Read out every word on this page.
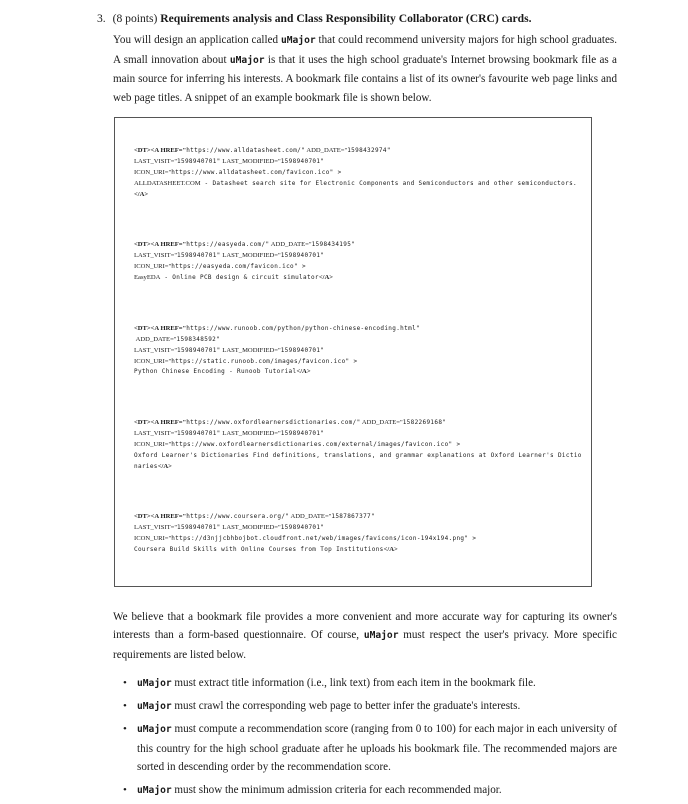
3. (8 points) Requirements analysis and Class Responsibility Collaborator (CRC) cards.

You will design an application called uMajor that could recommend university majors for high school graduates. A small innovation about uMajor is that it uses the high school graduate's Internet browsing bookmark file as a main source for inferring his interests. A bookmark file contains a list of its owner's favourite web page links and web page titles. A snippet of an example bookmark file is shown below.

<DT><A HREF="https://www.alldatasheet.com/" ADD_DATE="1598432974"
LAST_VISIT="1598940701" LAST_MODIFIED="1598940701"
ICON_URI="https://www.alldatasheet.com/favicon.ico" >
ALLDATASHEET.COM - Datasheet search site for Electronic Components and Semiconductors and other semiconductors.</A>

<DT><A HREF="https://easyeda.com/" ADD_DATE="1598434195"
LAST_VISIT="1598940701" LAST_MODIFIED="1598940701"
ICON_URI="https://easyeda.com/favicon.ico" >
EasyEDA - Online PCB design & circuit simulator</A>

<DT><A HREF="https://www.runoob.com/python/python-chinese-encoding.html"
ADD_DATE="1598348592"
LAST_VISIT="1598940701" LAST_MODIFIED="1598940701"
ICON_URI="https://static.runoob.com/images/favicon.ico" >
Python Chinese Encoding - Runoob Tutorial</A>

<DT><A HREF="https://www.oxfordlearnersdictionaries.com/" ADD_DATE="1582269168"
LAST_VISIT="1598940701" LAST_MODIFIED="1598940701"
ICON_URI="https://www.oxfordlearnersdictionaries.com/external/images/favicon.ico" >
Oxford Learner's Dictionaries Find definitions, translations, and grammar explanations at Oxford Learner's Dictionaries</A>

<DT><A HREF="https://www.coursera.org/" ADD_DATE="1587867377"
LAST_VISIT="1598940701" LAST_MODIFIED="1598940701"
ICON_URI="https://d3njjcbhbojbot.cloudfront.net/web/images/favicons/icon-194x194.png" >
Coursera Build Skills with Online Courses from Top Institutions</A>

We believe that a bookmark file provides a more convenient and more accurate way for capturing its owner's interests than a form-based questionnaire. Of course, uMajor must respect the user's privacy. More specific requirements are listed below.

• uMajor must extract title information (i.e., link text) from each item in the bookmark file.
• uMajor must crawl the corresponding web page to better infer the graduate's interests.
• uMajor must compute a recommendation score (ranging from 0 to 100) for each major in each university of this country for the high school graduate after he uploads his bookmark file. The recommended majors are sorted in descending order by the recommendation score.
• uMajor must show the minimum admission criteria for each recommended major.
